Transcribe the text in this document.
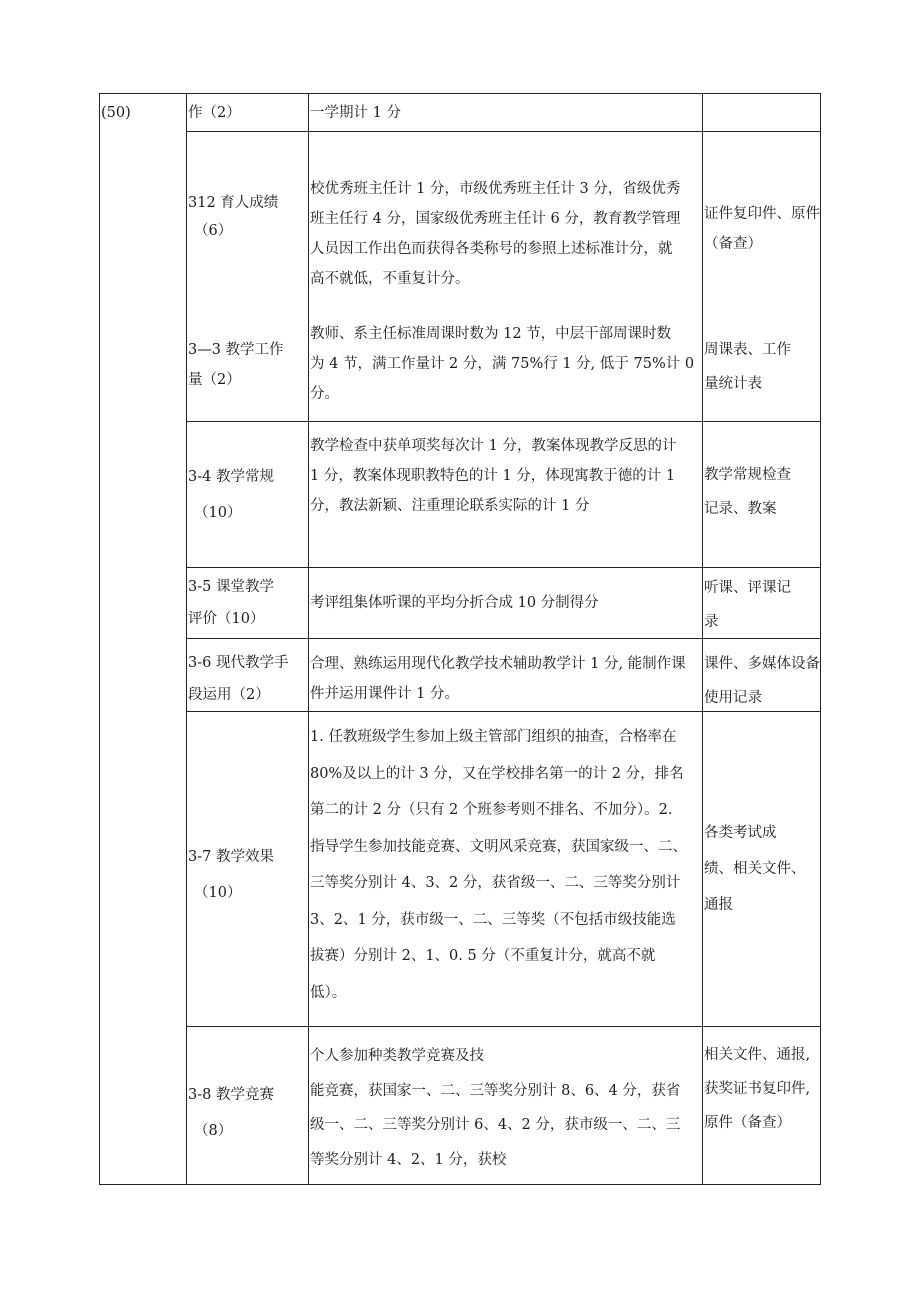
(50)	作（2）	一学期计 1 分
312 育人成绩
（6）
校优秀班主任计 1 分，市级优秀班主任计 3 分，省级优秀
班主任行 4 分，国家级优秀班主任计 6 分，教育教学管理
人员因工作出色而获得各类称号的参照上述标准计分，就
高不就低，不重复计分。
证件复印件、原件
（备查）
3—3 教学工作
量（2）
教师、系主任标准周课时数为 12 节，中层干部周课时数
为 4 节，满工作量计 2 分，满 75%行 1 分, 低于 75%计 0
分。
周课表、工作
量统计表
3-4 教学常规
（10）
教学检查中获单项奖每次计 1 分，教案体现教学反思的计
1 分，教案体现职教特色的计 1 分，体现寓教于德的计 1
分，教法新颖、注重理论联系实际的计 1 分
教学常规检查
记录、教案
3-5 课堂教学
评价（10）
考评组集体听课的平均分折合成 10 分制得分
听课、评课记
录
3-6 现代教学手
段运用（2）
合理、熟练运用现代化教学技术辅助教学计 1 分, 能制作课
件并运用课件计 1 分。
课件、多媒体设备
使用记录
3-7 教学效果
（10）
1. 任教班级学生参加上级主管部门组织的抽查，合格率在
80%及以上的计 3 分，又在学校排名第一的计 2 分，排名
第二的计 2 分（只有 2 个班参考则不排名、不加分）。2.
指导学生参加技能竞赛、文明风采竞赛，获国家级一、二、
三等奖分别计 4、3、2 分，获省级一、二、三等奖分别计
3、2、1 分，获市级一、二、三等奖（不包括市级技能选
拔赛）分别计 2、1、0. 5 分（不重复计分，就高不就
低）。
各类考试成
绩、相关文件、
通报
3-8 教学竞赛
（8）
个人参加种类教学竞赛及技
能竞赛，获国家一、二、三等奖分别计 8、6、4 分，获省
级一、二、三等奖分别计 6、4、2 分，获市级一、二、三
等奖分别计 4、2、1 分，获校
相关文件、通报,
获奖证书复印件,
原件（备查）
